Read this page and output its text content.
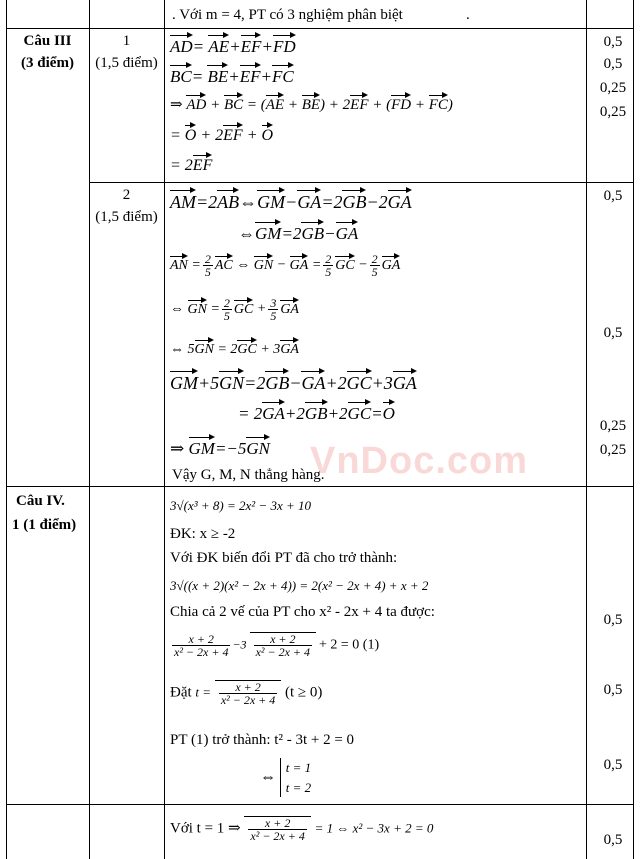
. Với m = 4, PT có 3 nghiệm phân biệt	.
Câu III
(3 điểm)
1
(1,5 điểm)
AD= AE+EF+FD
BC= BE+EF+FC
⇒ AD + BC = (AE + BE) + 2EF + (FD + FC)
= O + 2EF + O
= 2EF
0,5
0,5
0,25
0,25
2
(1,5 điểm)
AM=2AB⇔GM−GA=2GB−2GA
⇔GM=2GB−GA
AN = $\frac{2}{5}$ AC ⇔ GN − GA = $\frac{2}{5}$ GC − $\frac{2}{5}$ GA
⇔ GN = $\frac{2}{5}$ GC + $\frac{3}{5}$ GA
⇔ 5GN = 2GC + 3GA
GM+5GN=2GB−GA+2GC+3GA
= 2GA+2GB+2GC=O
⇒ GM=−5GN
Vậy G, M, N thẳng hàng.
0,5
0,5
0,25
0,25
Câu IV.
1 (1 điểm)
3√(x³ + 8) = 2x² − 3x + 10
ĐK: x ≥ -2
Với ĐK biến đổi PT đã cho trở thành:
3√((x + 2)(x² − 2x + 4)) = 2(x² − 2x + 4) + x + 2
Chia cả 2 vế của PT cho x² - 2x + 4 ta được:
$\frac{x + 2}{\text{x² − 2x + 4}} -3 \frac{x + 2}{\text{x² − 2x + 4}} + 2 = 0$ (1)
Đặt $t = \frac{x + 2}{\text{x² − 2x + 4}} (t \ge 0)$
PT (1) trở thành: t² - 3t + 2 = 0
⇔
t = 1
t = 2
0,5
0,5
0,5
Với t = 1 ⇒ $\frac{x + 2}{\text{x² − 2x + 4}} = 1$ ⇔ x² − 3x + 2 = 0
0,5
VnDoc.com
